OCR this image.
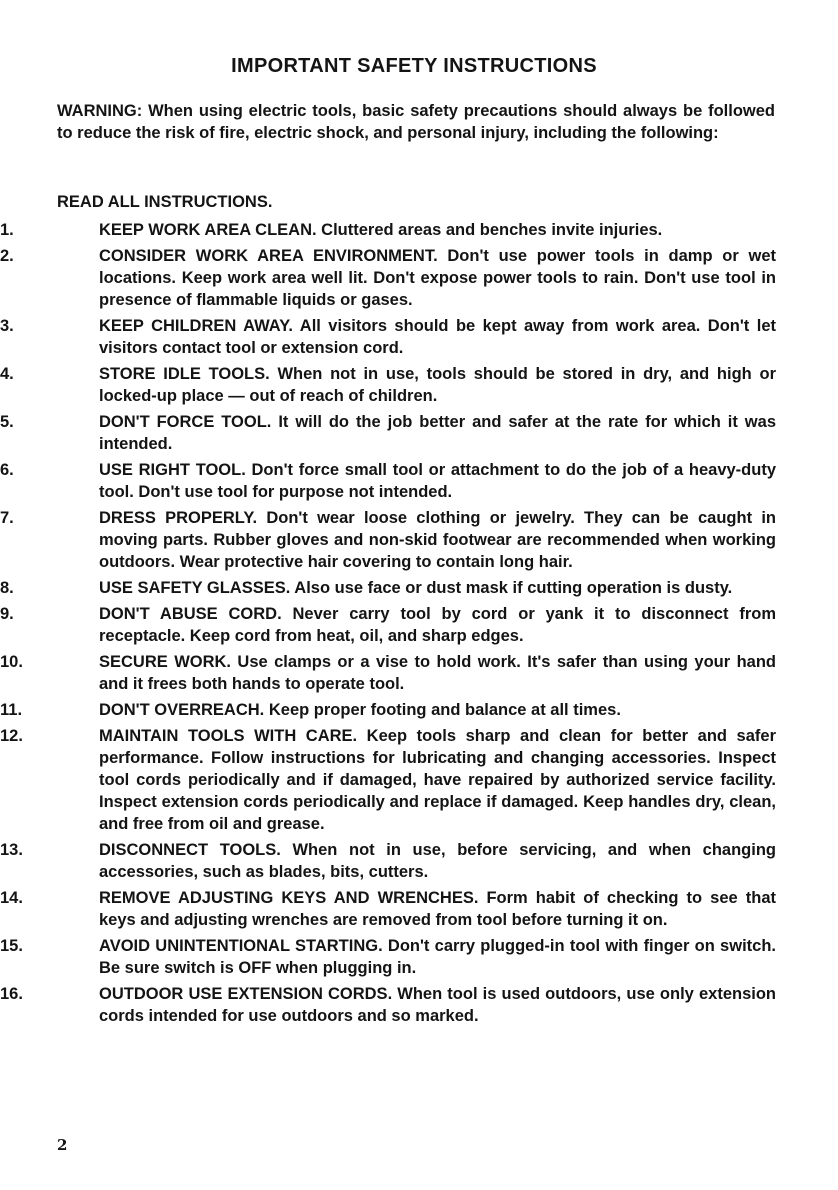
IMPORTANT SAFETY INSTRUCTIONS
WARNING: When using electric tools, basic safety precautions should always be followed to reduce the risk of fire, electric shock, and personal injury, including the following:
READ ALL INSTRUCTIONS.
1.	KEEP WORK AREA CLEAN. Cluttered areas and benches invite injuries.
2.	CONSIDER WORK AREA ENVIRONMENT. Don't use power tools in damp or wet locations. Keep work area well lit. Don't expose power tools to rain. Don't use tool in presence of flammable liquids or gases.
3.	KEEP CHILDREN AWAY. All visitors should be kept away from work area. Don't let visitors contact tool or extension cord.
4.	STORE IDLE TOOLS. When not in use, tools should be stored in dry, and high or locked-up place — out of reach of children.
5.	DON'T FORCE TOOL. It will do the job better and safer at the rate for which it was intended.
6.	USE RIGHT TOOL. Don't force small tool or attachment to do the job of a heavy-duty tool. Don't use tool for purpose not intended.
7.	DRESS PROPERLY. Don't wear loose clothing or jewelry. They can be caught in moving parts. Rubber gloves and non-skid footwear are recommended when working outdoors. Wear protective hair covering to contain long hair.
8.	USE SAFETY GLASSES. Also use face or dust mask if cutting operation is dusty.
9.	DON'T ABUSE CORD. Never carry tool by cord or yank it to disconnect from receptacle. Keep cord from heat, oil, and sharp edges.
10.	SECURE WORK. Use clamps or a vise to hold work. It's safer than using your hand and it frees both hands to operate tool.
11.	DON'T OVERREACH. Keep proper footing and balance at all times.
12.	MAINTAIN TOOLS WITH CARE. Keep tools sharp and clean for better and safer performance. Follow instructions for lubricating and changing accessories. Inspect tool cords periodically and if damaged, have repaired by authorized service facility. Inspect extension cords periodically and replace if damaged. Keep handles dry, clean, and free from oil and grease.
13.	DISCONNECT TOOLS. When not in use, before servicing, and when changing accessories, such as blades, bits, cutters.
14.	REMOVE ADJUSTING KEYS AND WRENCHES. Form habit of checking to see that keys and adjusting wrenches are removed from tool before turning it on.
15.	AVOID UNINTENTIONAL STARTING. Don't carry plugged-in tool with finger on switch. Be sure switch is OFF when plugging in.
16.	OUTDOOR USE EXTENSION CORDS. When tool is used outdoors, use only extension cords intended for use outdoors and so marked.
2
